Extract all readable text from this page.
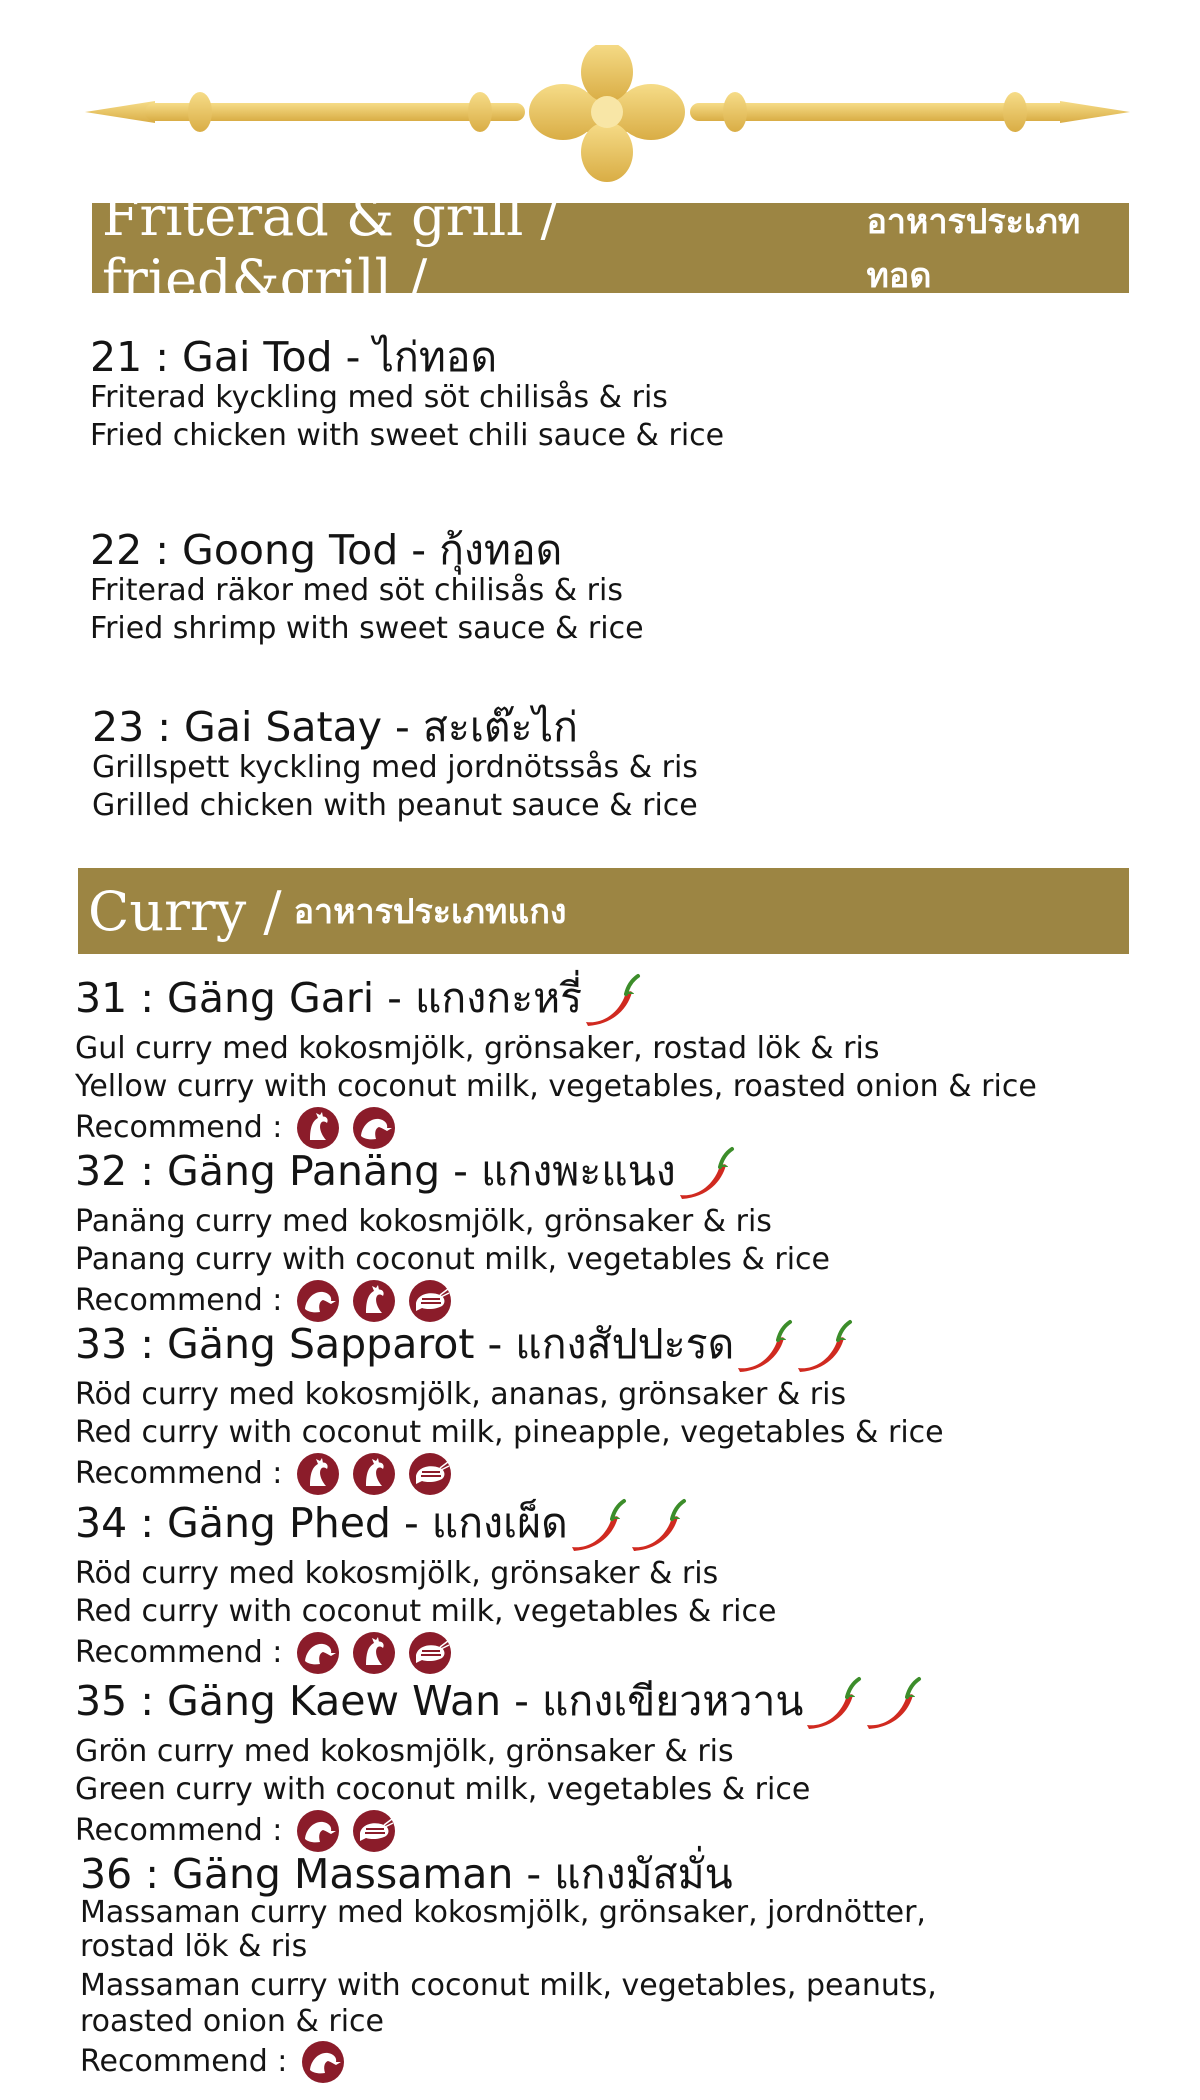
Friterad & grill / fried&grill /
อาหารประเภททอด
21 : Gai Tod - ไก่ทอด
Friterad kyckling med söt chilisås & ris
Fried chicken with sweet chili sauce & rice
22 : Goong Tod - กุ้งทอด
Friterad räkor med söt chilisås & ris
Fried shrimp with sweet sauce & rice
23 : Gai Satay - สะเต๊ะไก่
Grillspett kyckling med jordnötssås & ris
Grilled chicken with peanut sauce & rice
Curry / อาหารประเภทแกง
31 : Gäng Gari - แกงกะหรี่
Gul curry med kokosmjölk, grönsaker, rostad lök & ris
Yellow curry with coconut milk, vegetables, roasted onion & rice
Recommend :
32 : Gäng Panäng - แกงพะแนง
Panäng curry med kokosmjölk, grönsaker & ris
Panang curry with coconut milk, vegetables & rice
Recommend :
33 : Gäng Sapparot - แกงสัปปะรด
Röd curry med kokosmjölk, ananas, grönsaker & ris
Red curry with coconut milk, pineapple, vegetables & rice
Recommend :
34 : Gäng Phed - แกงเผ็ด
Röd curry med kokosmjölk, grönsaker & ris
Red curry with coconut milk, vegetables & rice
Recommend :
35 : Gäng Kaew Wan - แกงเขียวหวาน
Grön curry med kokosmjölk, grönsaker & ris
Green curry with coconut milk, vegetables & rice
Recommend :
36 : Gäng Massaman - แกงมัสมั่น
Massaman curry med kokosmjölk, grönsaker, jordnötter,
rostad lök & ris
Massaman curry with coconut milk, vegetables, peanuts,
roasted onion & rice
Recommend :
